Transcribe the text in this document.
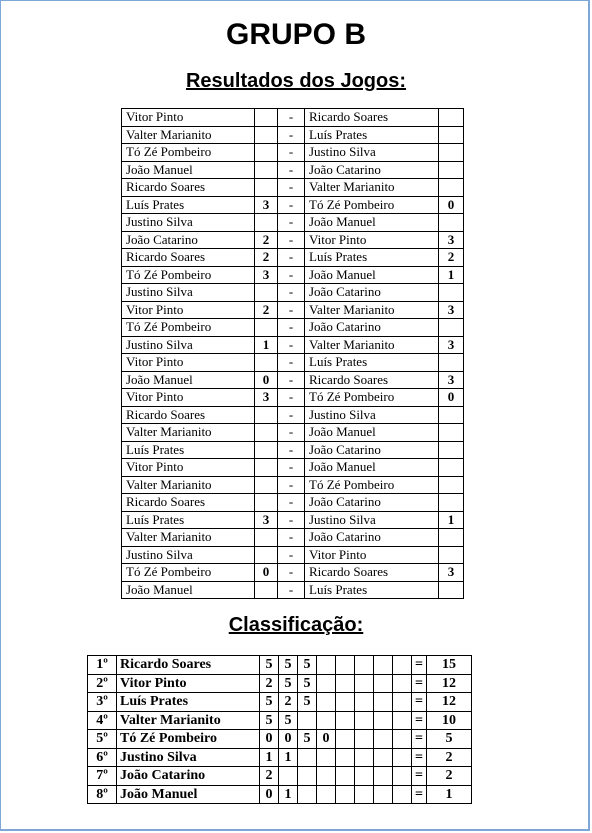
GRUPO B
Resultados dos Jogos:
Vitor Pinto		-	Ricardo Soares	
Valter Marianito		-	Luís Prates	
Tó Zé Pombeiro		-	Justino Silva	
João Manuel		-	João Catarino	
Ricardo Soares		-	Valter Marianito	
Luís Prates	3	-	Tó Zé Pombeiro	0
Justino Silva		-	João Manuel	
João Catarino	2	-	Vitor Pinto	3
Ricardo Soares	2	-	Luís Prates	2
Tó Zé Pombeiro	3	-	João Manuel	1
Justino Silva		-	João Catarino	
Vitor Pinto	2	-	Valter Marianito	3
Tó Zé Pombeiro		-	João Catarino	
Justino Silva	1	-	Valter Marianito	3
Vitor Pinto		-	Luís Prates	
João Manuel	0	-	Ricardo Soares	3
Vitor Pinto	3	-	Tó Zé Pombeiro	0
Ricardo Soares		-	Justino Silva	
Valter Marianito		-	João Manuel	
Luís Prates		-	João Catarino	
Vitor Pinto		-	João Manuel	
Valter Marianito		-	Tó Zé Pombeiro	
Ricardo Soares		-	João Catarino	
Luís Prates	3	-	Justino Silva	1
Valter Marianito		-	João Catarino	
Justino Silva		-	Vitor Pinto	
Tó Zé Pombeiro	0	-	Ricardo Soares	3
João Manuel		-	Luís Prates	
Classificação:
1º	Ricardo Soares	5	5	5						=	15
2º	Vitor Pinto	2	5	5						=	12
3º	Luís Prates	5	2	5						=	12
4º	Valter Marianito	5	5							=	10
5º	Tó Zé Pombeiro	0	0	5	0					=	5
6º	Justino Silva	1	1							=	2
7º	João Catarino	2								=	2
8º	João Manuel	0	1							=	1
